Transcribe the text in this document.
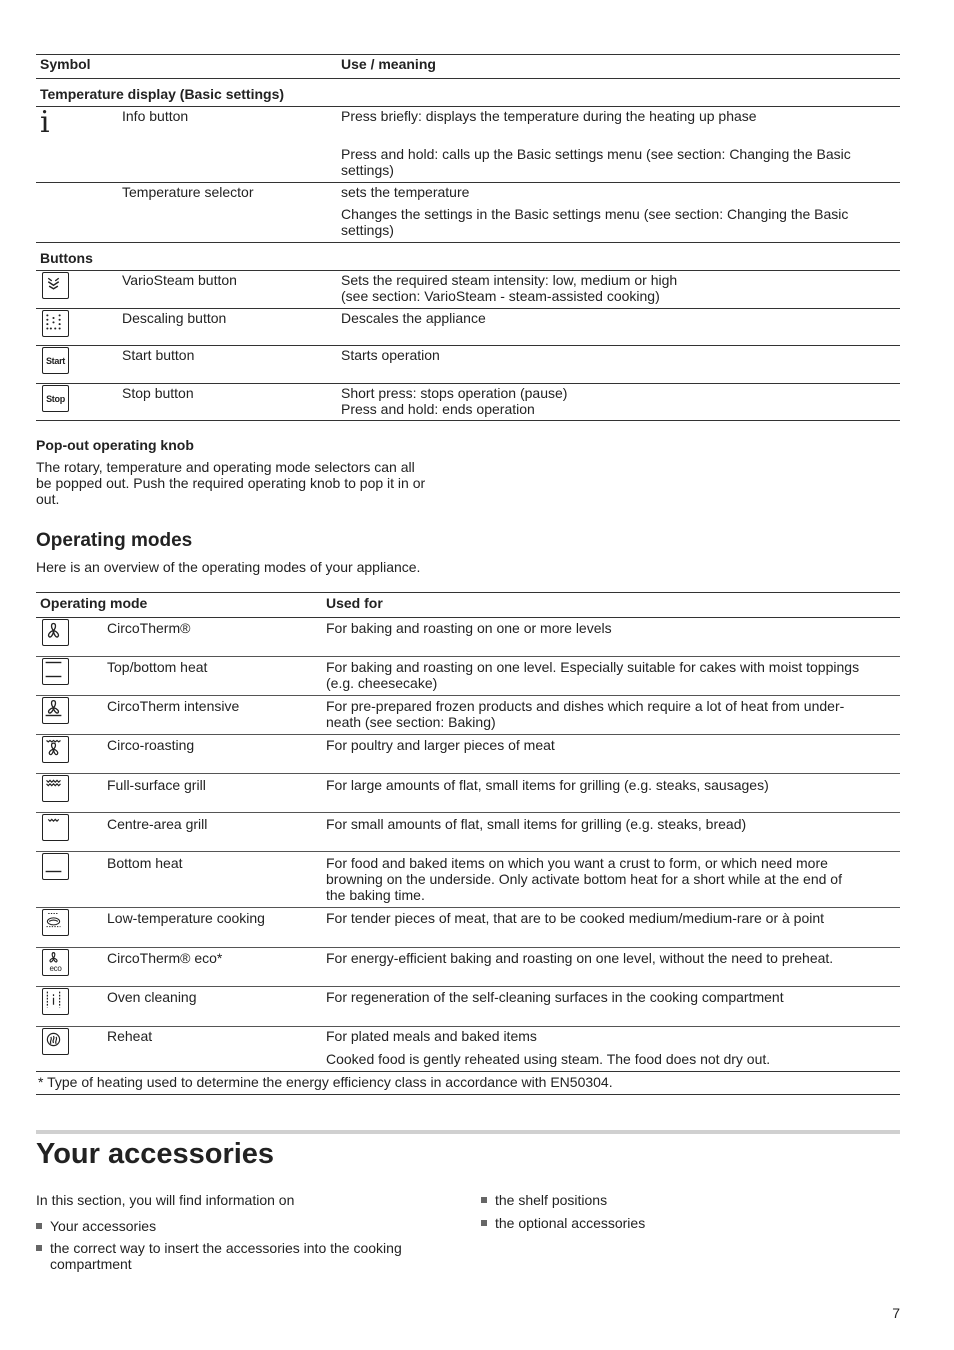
Symbol	Use / meaning
Temperature display (Basic settings)
i	Info button	Press briefly: displays the temperature during the heating up phase
Press and hold: calls up the Basic settings menu (see section: Changing the Basic
settings)
Temperature selector	sets the temperature
Changes the settings in the Basic settings menu (see section: Changing the Basic
settings)
Buttons
VarioSteam button	Sets the required steam intensity: low, medium or high
(see section: VarioSteam - steam-assisted cooking)
Descaling button	Descales the appliance
Start	Start button	Starts operation
Stop	Stop button	Short press: stops operation (pause)
Press and hold: ends operation
Pop-out operating knob
The rotary, temperature and operating mode selectors can all
be popped out. Push the required operating knob to pop it in or
out.
Operating modes
Here is an overview of the operating modes of your appliance.
Operating mode	Used for
CircoTherm®	For baking and roasting on one or more levels
Top/bottom heat	For baking and roasting on one level. Especially suitable for cakes with moist toppings
(e.g. cheesecake)
CircoTherm intensive	For pre-prepared frozen products and dishes which require a lot of heat from under-
neath (see section: Baking)
Circo-roasting	For poultry and larger pieces of meat
Full-surface grill	For large amounts of flat, small items for grilling (e.g. steaks, sausages)
Centre-area grill	For small amounts of flat, small items for grilling (e.g. steaks, bread)
Bottom heat	For food and baked items on which you want a crust to form, or which need more
browning on the underside. Only activate bottom heat for a short while at the end of
the baking time.
Low-temperature cooking	For tender pieces of meat, that are to be cooked medium/medium-rare or à point
eco
CircoTherm® eco*	For energy-efficient baking and roasting on one level, without the need to preheat.
Oven cleaning	For regeneration of the self-cleaning surfaces in the cooking compartment
Reheat	For plated meals and baked items
Cooked food is gently reheated using steam. The food does not dry out.
* Type of heating used to determine the energy efficiency class in accordance with EN50304.
Your accessories
In this section, you will find information on
Your accessories
the correct way to insert the accessories into the cooking
compartment
the shelf positions
the optional accessories
7
